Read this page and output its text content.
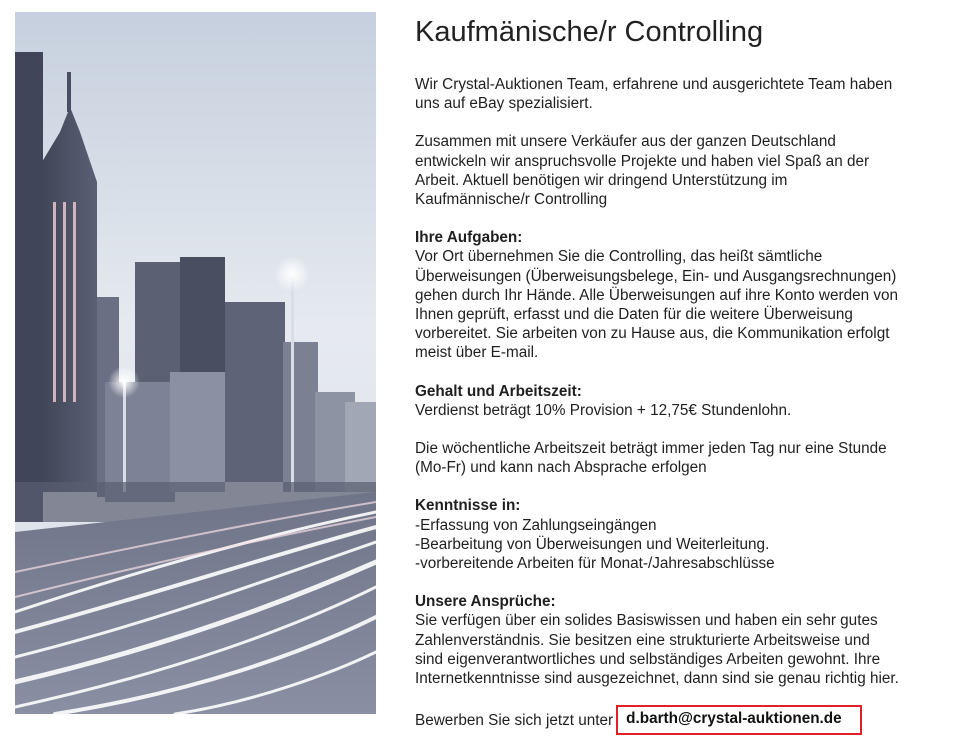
Kaufmänische/r Controlling

Wir Crystal-Auktionen Team, erfahrene und ausgerichtete Team haben
uns auf eBay spezialisiert.

Zusammen mit unsere Verkäufer aus der ganzen Deutschland
entwickeln wir anspruchsvolle Projekte und haben viel Spaß an der
Arbeit. Aktuell benötigen wir dringend Unterstützung im
Kaufmännische/r Controlling

Ihre Aufgaben:
Vor Ort übernehmen Sie die Controlling, das heißt sämtliche
Überweisungen (Überweisungsbelege, Ein- und Ausgangsrechnungen)
gehen durch Ihr Hände. Alle Überweisungen auf ihre Konto werden von
Ihnen geprüft, erfasst und die Daten für die weitere Überweisung
vorbereitet. Sie arbeiten von zu Hause aus, die Kommunikation erfolgt
meist über E-mail.
Gehalt und Arbeitszeit:
Verdienst beträgt 10% Provision + 12,75€ Stundenlohn.

Die wöchentliche Arbeitszeit beträgt immer jeden Tag nur eine Stunde
(Mo-Fr) und kann nach Absprache erfolgen

Kenntnisse in:
-Erfassung von Zahlungseingängen
-Bearbeitung von Überweisungen und Weiterleitung.
-vorbereitende Arbeiten für Monat-/Jahresabschlüsse
Unsere Ansprüche:
Sie verfügen über ein solides Basiswissen und haben ein sehr gutes
Zahlenverständnis. Sie besitzen eine strukturierte Arbeitsweise und
sind eigenverantwortliches und selbständiges Arbeiten gewohnt. Ihre
Internetkenntnisse sind ausgezeichnet, dann sind sie genau richtig hier.
Bewerben Sie sich jetzt unter d.barth@crystal-auktionen.de
